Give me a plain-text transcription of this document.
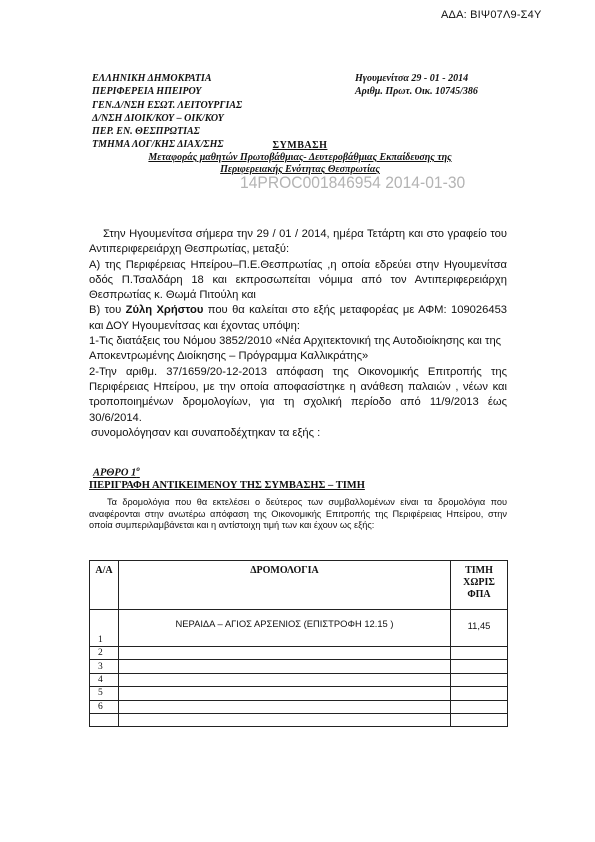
ΑΔΑ: ΒΙΨ07Λ9-Σ4Υ
ΕΛΛΗΝΙΚΗ ΔΗΜΟΚΡΑΤΙΑ
ΠΕΡΙΦΕΡΕΙΑ ΗΠΕΙΡΟΥ
ΓΕΝ.Δ/ΝΣΗ ΕΣΩΤ. ΛΕΙΤΟΥΡΓΙΑΣ
Δ/ΝΣΗ ΔΙΟΙΚ/ΚΟΥ – ΟΙΚ/ΚΟΥ
ΠΕΡ. ΕΝ. ΘΕΣΠΡΩΤΙΑΣ
ΤΜΗΜΑ ΛΟΓ/ΚΗΣ ΔΙΑΧ/ΣΗΣ
Ηγουμενίτσα 29 - 01 - 2014
Αριθμ. Πρωτ. Οικ. 10745/386
ΣΥΜΒΑΣΗ
Μεταφοράς μαθητών Πρωτοβάθμιας- Δευτεροβάθμιας Εκπαίδευσης της
Περιφερειακής Ενότητας Θεσπρωτίας
14PROC001846954 2014-01-30

Στην Ηγουμενίτσα σήμερα την 29 / 01 / 2014, ημέρα Τετάρτη και στο γραφείο του Αντιπεριφερειάρχη Θεσπρωτίας, μεταξύ:

Α) της Περιφέρειας Ηπείρου–Π.Ε.Θεσπρωτίας ,η οποία εδρεύει στην Ηγουμενίτσα οδός Π.Τσαλδάρη 18 και εκπροσωπείται νόμιμα από τον Αντιπεριφερειάρχη Θεσπρωτίας κ. Θωμά Πιτούλη και

Β) του Ζύλη Χρήστου που θα καλείται στο εξής μεταφορέας με ΑΦΜ: 109026453 και ΔΟΥ Ηγουμενίτσας και έχοντας υπόψη:

1-Τις διατάξεις του Νόμου 3852/2010 «Νέα Αρχιτεκτονική της Αυτοδιοίκησης και της Αποκεντρωμένης Διοίκησης – Πρόγραμμα Καλλικράτης»

2-Την αριθμ. 37/1659/20-12-2013 απόφαση της Οικονομικής Επιτροπής της Περιφέρειας Ηπείρου, με την οποία αποφασίστηκε η ανάθεση παλαιών , νέων και τροποποιημένων δρομολογίων, για τη σχολική περίοδο από 11/9/2013 έως 30/6/2014.

συνομολόγησαν και συναποδέχτηκαν τα εξής :

ΑΡΘΡΟ $1^o$
ΠΕΡΙΓΡΑΦΗ ΑΝΤΙΚΕΙΜΕΝΟΥ ΤΗΣ ΣΥΜΒΑΣΗΣ – ΤΙΜΗ
Τα δρομολόγια που θα εκτελέσει ο δεύτερος των συμβαλλομένων είναι τα δρομολόγια που αναφέρονται στην ανωτέρω απόφαση της Οικονομικής Επιτροπής της Περιφέρειας Ηπείρου, στην οποία συμπεριλαμβάνεται και η αντίστοιχη τιμή των και έχουν ως εξής:
Α/Α	ΔΡΟΜΟΛΟΓΙΑ	ΤΙΜΗ ΧΩΡΙΣ ΦΠΑ
1	ΝΕΡΑΙΔΑ – ΑΓΙΟΣ ΑΡΣΕΝΙΟΣ (ΕΠΙΣΤΡΟΦΗ 12.15 )	11,45
2		
3		
4		
5		
6		
